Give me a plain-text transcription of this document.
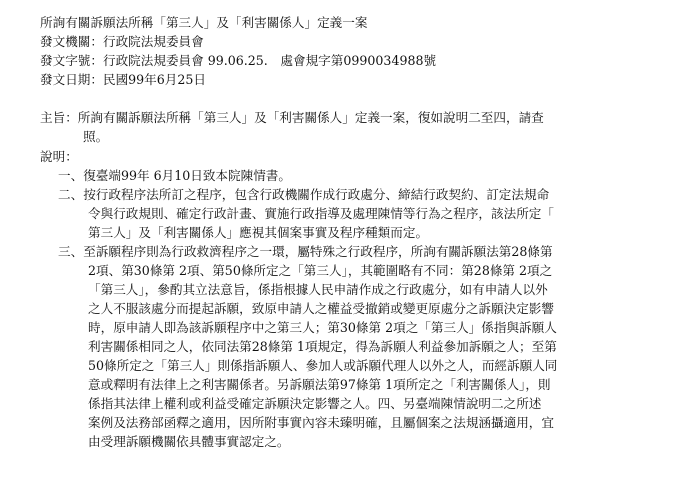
所詢有關訴願法所稱「第三人」及「利害關係人」定義一案
發文機關：行政院法規委員會
發文字號：行政院法規委員會 99.06.25.　處會規字第0990034988號
發文日期：民國99年6月25日
主旨：所詢有關訴願法所稱「第三人」及「利害關係人」定義一案，復如說明二至四，請查
照。
說明：
一、復臺端99年 6月10日致本院陳情書。
二、按行政程序法所訂之程序，包含行政機關作成行政處分、締結行政契約、訂定法規命
令與行政規則、確定行政計畫、實施行政指導及處理陳情等行為之程序，該法所定「
第三人」及「利害關係人」應視其個案事實及程序種類而定。
三、至訴願程序則為行政救濟程序之一環，屬特殊之行政程序，所詢有關訴願法第28條第
2項、第30條第 2項、第50條所定之「第三人」，其範圍略有不同：第28條第 2項之
「第三人」，參酌其立法意旨，係指根據人民申請作成之行政處分，如有申請人以外
之人不服該處分而提起訴願，致原申請人之權益受撤銷或變更原處分之訴願決定影響
時，原申請人即為該訴願程序中之第三人；第30條第 2項之「第三人」係指與訴願人
利害關係相同之人，依同法第28條第 1項規定，得為訴願人利益參加訴願之人；至第
50條所定之「第三人」則係指訴願人、參加人或訴願代理人以外之人，而經訴願人同
意或釋明有法律上之利害關係者。另訴願法第97條第 1項所定之「利害關係人」，則
係指其法律上權利或利益受確定訴願決定影響之人。四、另臺端陳情說明二之所述
案例及法務部函釋之適用，因所附事實內容未臻明確，且屬個案之法規涵攝適用，宜
由受理訴願機關依具體事實認定之。
